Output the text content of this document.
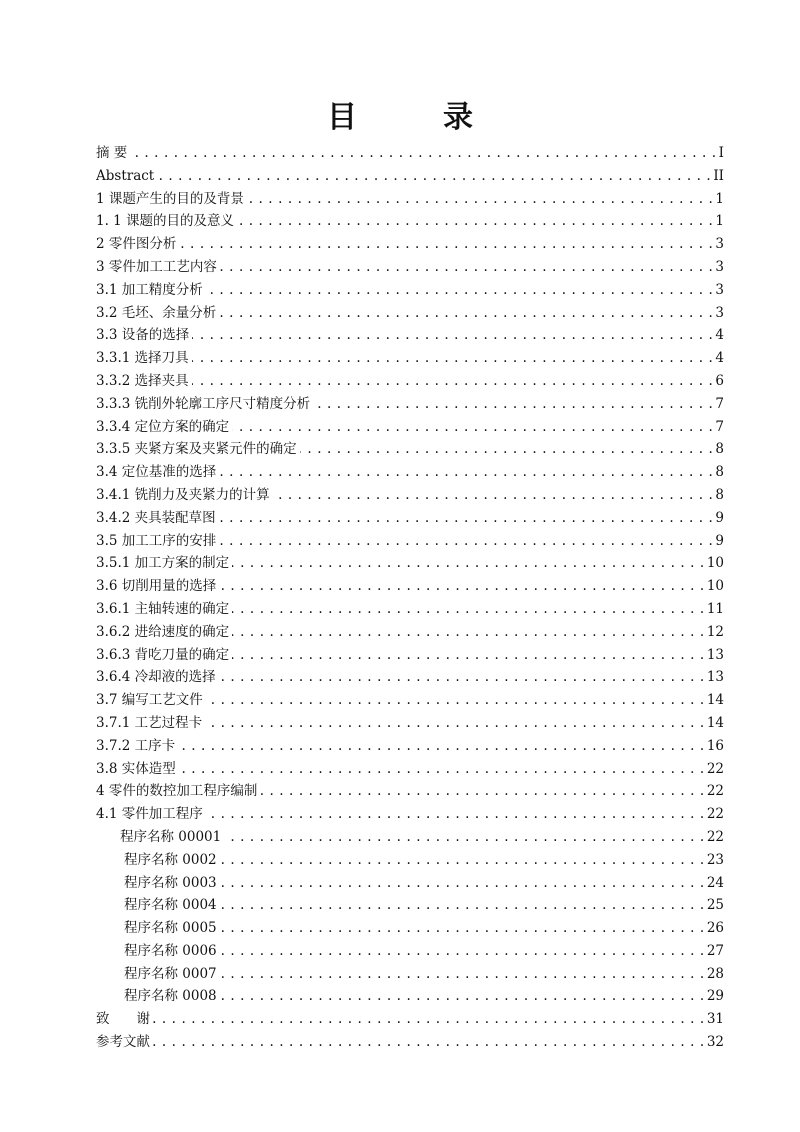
目　录
摘 要 . . .	I
Abstract . . .	II
1 课题产生的目的及背景 . . .	1
1. 1 课题的目的及意义 . . .	1
2 零件图分析 . . .	3
3 零件加工工艺内容 . . .	3
3.1 加工精度分析 . . .	3
3.2 毛坯、余量分析 . . .	3
3.3 设备的选择 . . .	4
3.3.1 选择刀具 . . .	4
3.3.2 选择夹具 . . .	6
3.3.3 铣削外轮廓工序尺寸精度分析 . . .	7
3.3.4 定位方案的确定 . . .	7
3.3.5 夹紧方案及夹紧元件的确定 . . .	8
3.4 定位基准的选择 . . .	8
3.4.1 铣削力及夹紧力的计算 . . .	8
3.4.2 夹具装配草图 . . .	9
3.5 加工工序的安排 . . .	9
3.5.1 加工方案的制定 . . .	10
3.6 切削用量的选择 . . .	10
3.6.1 主轴转速的确定 . . .	11
3.6.2 进给速度的确定 . . .	12
3.6.3 背吃刀量的确定 . . .	13
3.6.4 冷却液的选择 . . .	13
3.7 编写工艺文件 . . .	14
3.7.1 工艺过程卡 . . .	14
3.7.2 工序卡 . . .	16
3.8 实体造型 . . .	22
4 零件的数控加工程序编制 . . .	22
4.1 零件加工程序 . . .	22
程序名称 00001 . . .	22
程序名称 0002 . . .	23
程序名称 0003 . . .	24
程序名称 0004 . . .	25
程序名称 0005 . . .	26
程序名称 0006 . . .	27
程序名称 0007 . . .	28
程序名称 0008 . . .	29
致　　谢 . . .	31
参考文献 . . .	32
